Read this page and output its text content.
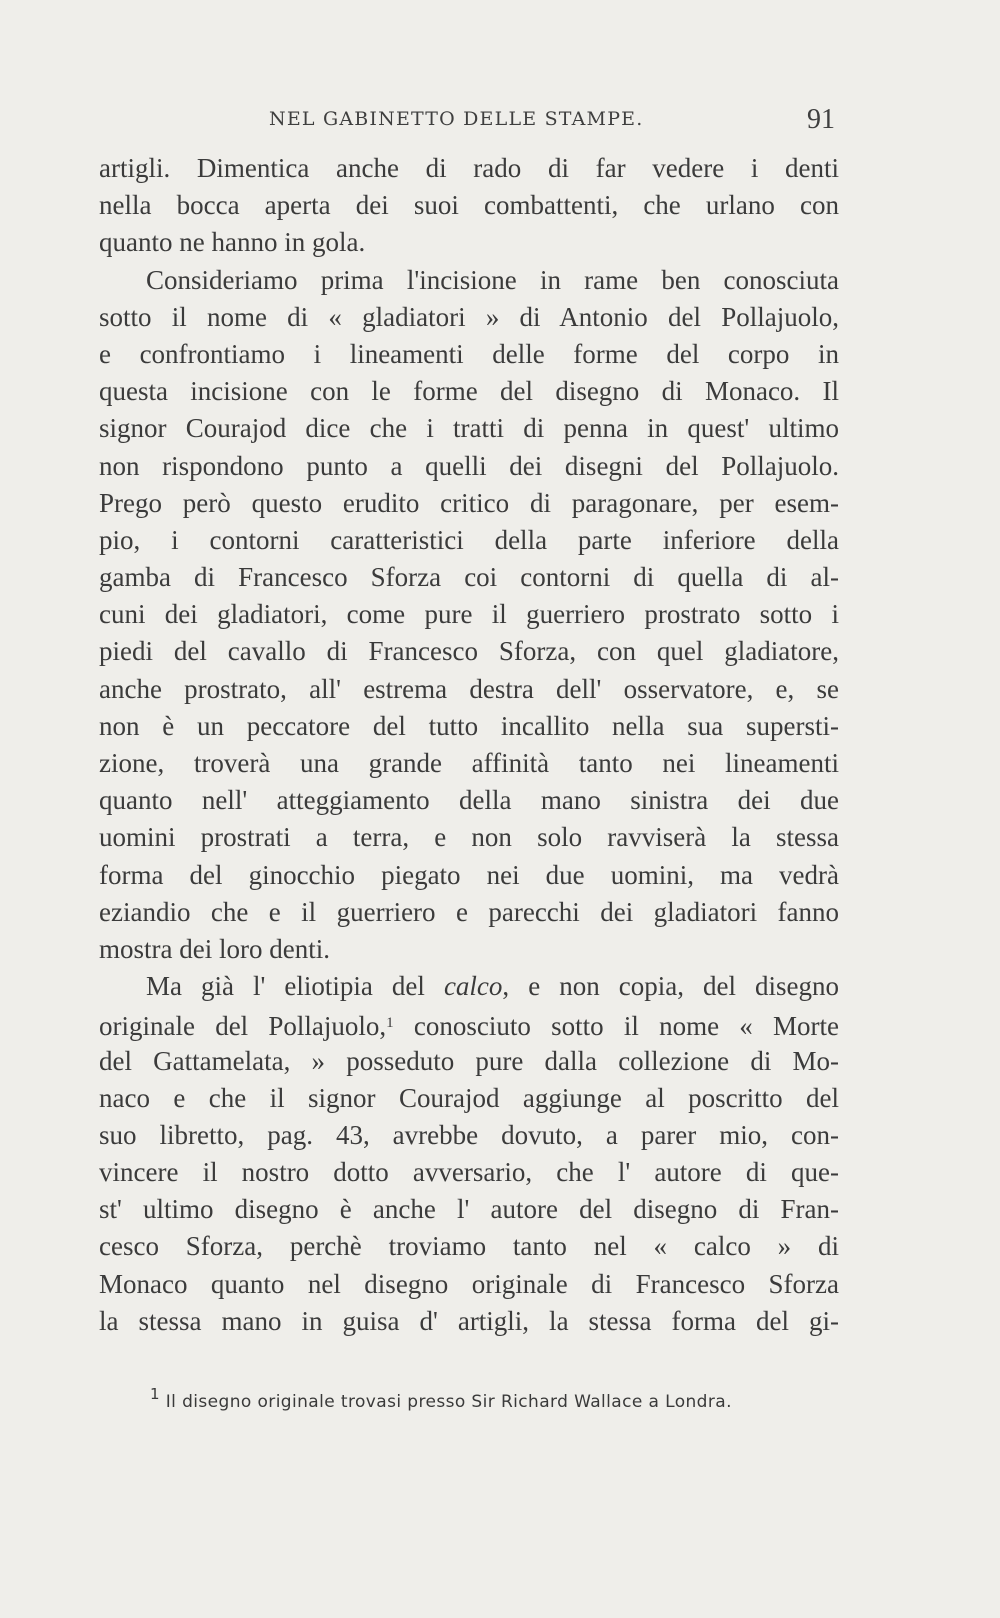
NEL GABINETTO DELLE STAMPE.	91
artigli. Dimentica anche di rado di far vedere i denti
nella bocca aperta dei suoi combattenti, che urlano con
quanto ne hanno in gola.
Consideriamo prima l'incisione in rame ben conosciuta
sotto il nome di « gladiatori » di Antonio del Pollajuolo,
e confrontiamo i lineamenti delle forme del corpo in
questa incisione con le forme del disegno di Monaco. Il
signor Courajod dice che i tratti di penna in quest' ultimo
non rispondono punto a quelli dei disegni del Pollajuolo.
Prego però questo erudito critico di paragonare, per esem-
pio, i contorni caratteristici della parte inferiore della
gamba di Francesco Sforza coi contorni di quella di al-
cuni dei gladiatori, come pure il guerriero prostrato sotto i
piedi del cavallo di Francesco Sforza, con quel gladiatore,
anche prostrato, all' estrema destra dell' osservatore, e, se
non è un peccatore del tutto incallito nella sua supersti-
zione, troverà una grande affinità tanto nei lineamenti
quanto nell' atteggiamento della mano sinistra dei due
uomini prostrati a terra, e non solo ravviserà la stessa
forma del ginocchio piegato nei due uomini, ma vedrà
eziandio che e il guerriero e parecchi dei gladiatori fanno
mostra dei loro denti.
Ma già l' eliotipia del calco, e non copia, del disegno
originale del Pollajuolo,$^1$ conosciuto sotto il nome « Morte
del Gattamelata, » posseduto pure dalla collezione di Mo-
naco e che il signor Courajod aggiunge al poscritto del
suo libretto, pag. 43, avrebbe dovuto, a parer mio, con-
vincere il nostro dotto avversario, che l' autore di que-
st' ultimo disegno è anche l' autore del disegno di Fran-
cesco Sforza, perchè troviamo tanto nel « calco » di
Monaco quanto nel disegno originale di Francesco Sforza
la stessa mano in guisa d' artigli, la stessa forma del gi-
$^1$ Il disegno originale trovasi presso Sir Richard Wallace a Londra.
